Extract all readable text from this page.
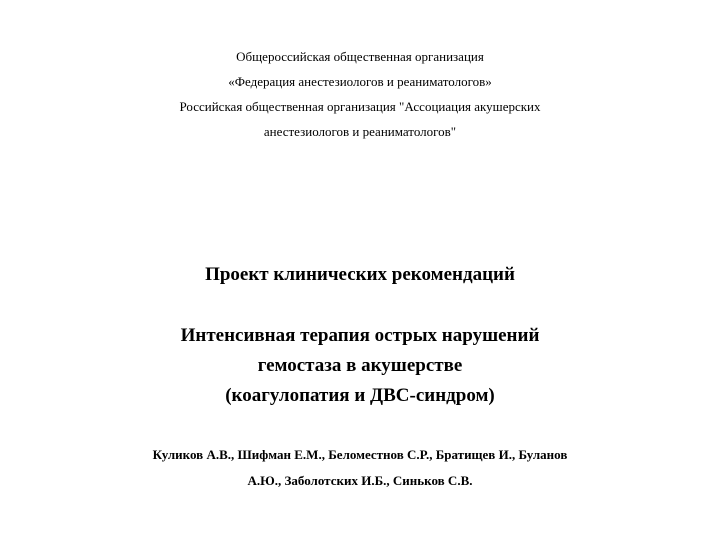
Общероссийская общественная организация
«Федерация анестезиологов и реаниматологов»
Российская общественная организация "Ассоциация акушерских
анестезиологов и реаниматологов"
Проект клинических рекомендаций
Интенсивная терапия острых нарушений
гемостаза в акушерстве
(коагулопатия и ДВС-синдром)
Куликов А.В., Шифман Е.М., Беломестнов С.Р., Братищев И., Буланов
А.Ю., Заболотских И.Б., Синьков С.В.
